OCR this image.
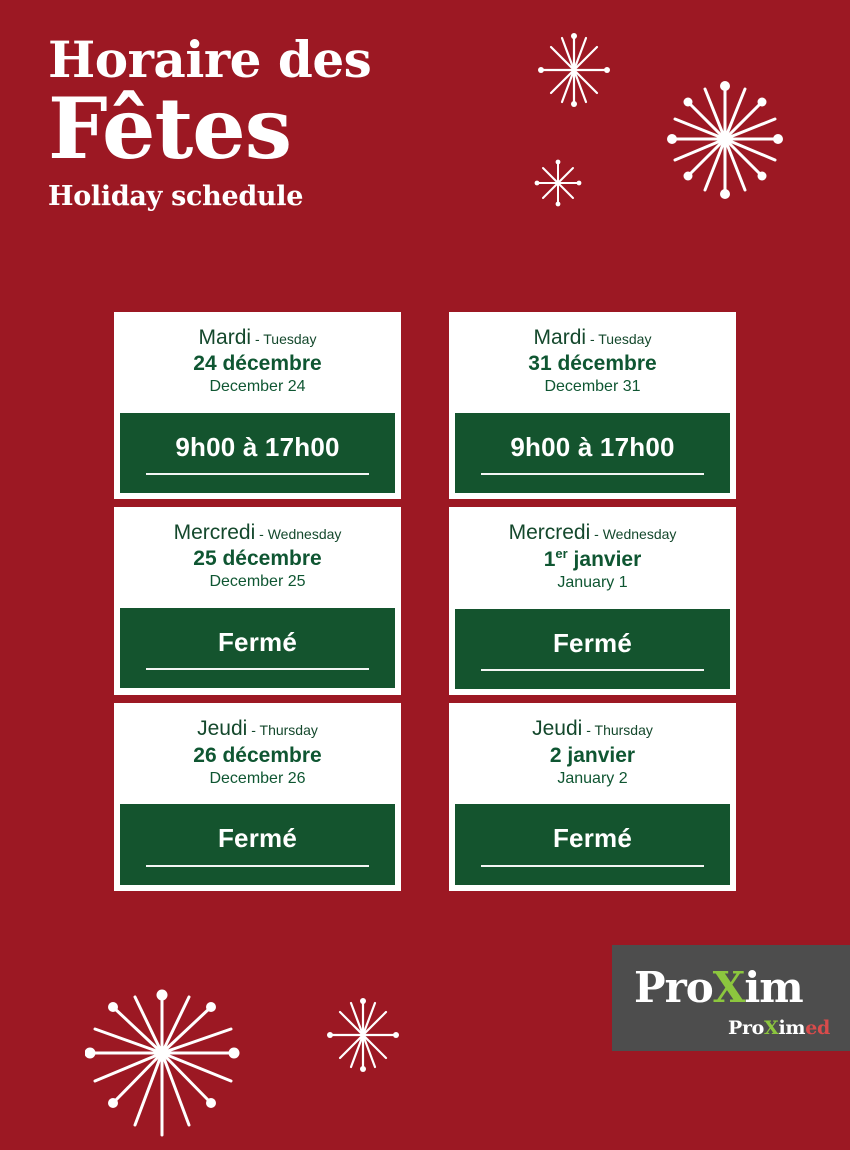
Horaire des
Fêtes
Holiday schedule
Mardi - Tuesday
24 décembre
December 24
9h00 à 17h00
Mardi - Tuesday
31 décembre
December 31
9h00 à 17h00
Mercredi - Wednesday
25 décembre
December 25
Fermé
Mercredi - Wednesday
1er janvier
January 1
Fermé
Jeudi - Thursday
26 décembre
December 26
Fermé
Jeudi - Thursday
2 janvier
January 2
Fermé
ProXim
ProXimed
